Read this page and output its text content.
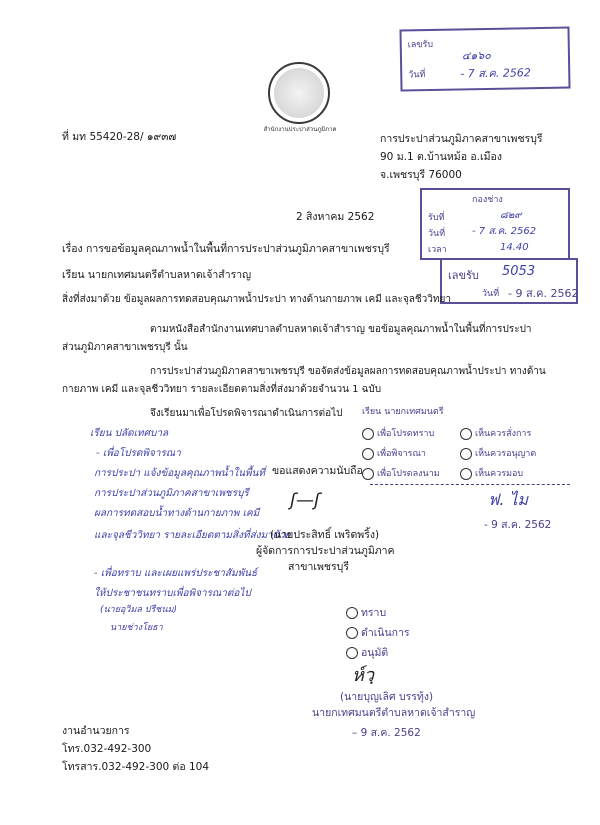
สำนักงานประปาส่วนภูมิภาค
เลขรับ
๔๑๖๐
วันที่	- 7 ส.ค. 2562
ที่ มท 55420-28/ ๑๙๓๗	การประปาส่วนภูมิภาคสาขาเพชรบุรี
90 ม.1 ต.บ้านหม้อ อ.เมือง
จ.เพชรบุรี 76000
กองช่าง
รับที่	๘๒๙
วันที่	- 7 ส.ค. 2562
เวลา	14.40
2 สิงหาคม 2562
เรื่อง การขอข้อมูลคุณภาพน้ำในพื้นที่การประปาส่วนภูมิภาคสาขาเพชรบุรี
เรียน นายกเทศมนตรีตำบลหาดเจ้าสำราญ	เลขรับ 5053
วันที่ - 9 ส.ค. 2562
สิ่งที่ส่งมาด้วย ข้อมูลผลการทดสอบคุณภาพน้ำประปา ทางด้านกายภาพ เคมี และจุลชีววิทยา
ตามหนังสือสำนักงานเทศบาลตำบลหาดเจ้าสำราญ ขอข้อมูลคุณภาพน้ำในพื้นที่การประปา
ส่วนภูมิภาคสาขาเพชรบุรี นั้น
การประปาส่วนภูมิภาคสาขาเพชรบุรี ขอจัดส่งข้อมูลผลการทดสอบคุณภาพน้ำประปา ทางด้าน
กายภาพ เคมี และจุลชีววิทยา รายละเอียดตามสิ่งที่ส่งมาด้วยจำนวน 1 ฉบับ
จึงเรียนมาเพื่อโปรดพิจารณาดำเนินการต่อไป เรียน นายกเทศมนตรี
เพื่อโปรดทราบ	เห็นควรสั่งการ
เพื่อพิจารณา	เห็นควรอนุญาต
เพื่อโปรดลงนาม	เห็นควรมอบ
ฟ. ไม
- 9 ส.ค. 2562
เรียน ปลัดเทศบาล
- เพื่อโปรดพิจารณา
การประปา แจ้งข้อมูลคุณภาพน้ำในพื้นที่
การประปาส่วนภูมิภาคสาขาเพชรบุรี
ผลการทดสอบน้ำทางด้านกายภาพ เคมี
และจุลชีววิทยา รายละเอียดตามสิ่งที่ส่งมาด้วย
- เพื่อทราบ และเผยแพร่ประชาสัมพันธ์
ให้ประชาชนทราบเพื่อพิจารณาต่อไป
(นายอุวิมล ปรีชนม)
นายช่างโยธา
ขอแสดงความนับถือ
ʃ—ʃ
(นายประสิทธิ์ เพริดพริ้ง)
ผู้จัดการการประปาส่วนภูมิภาค
สาขาเพชรบุรี
ทราบ
ดำเนินการ
อนุมัติ
ห์วฺ
(นายบุญเลิศ บรรทุ้ง)
นายกเทศมนตรีตำบลหาดเจ้าสำราญ
– 9 ส.ค. 2562
งานอำนวยการ
โทร.032-492-300
โทรสาร.032-492-300 ต่อ 104
